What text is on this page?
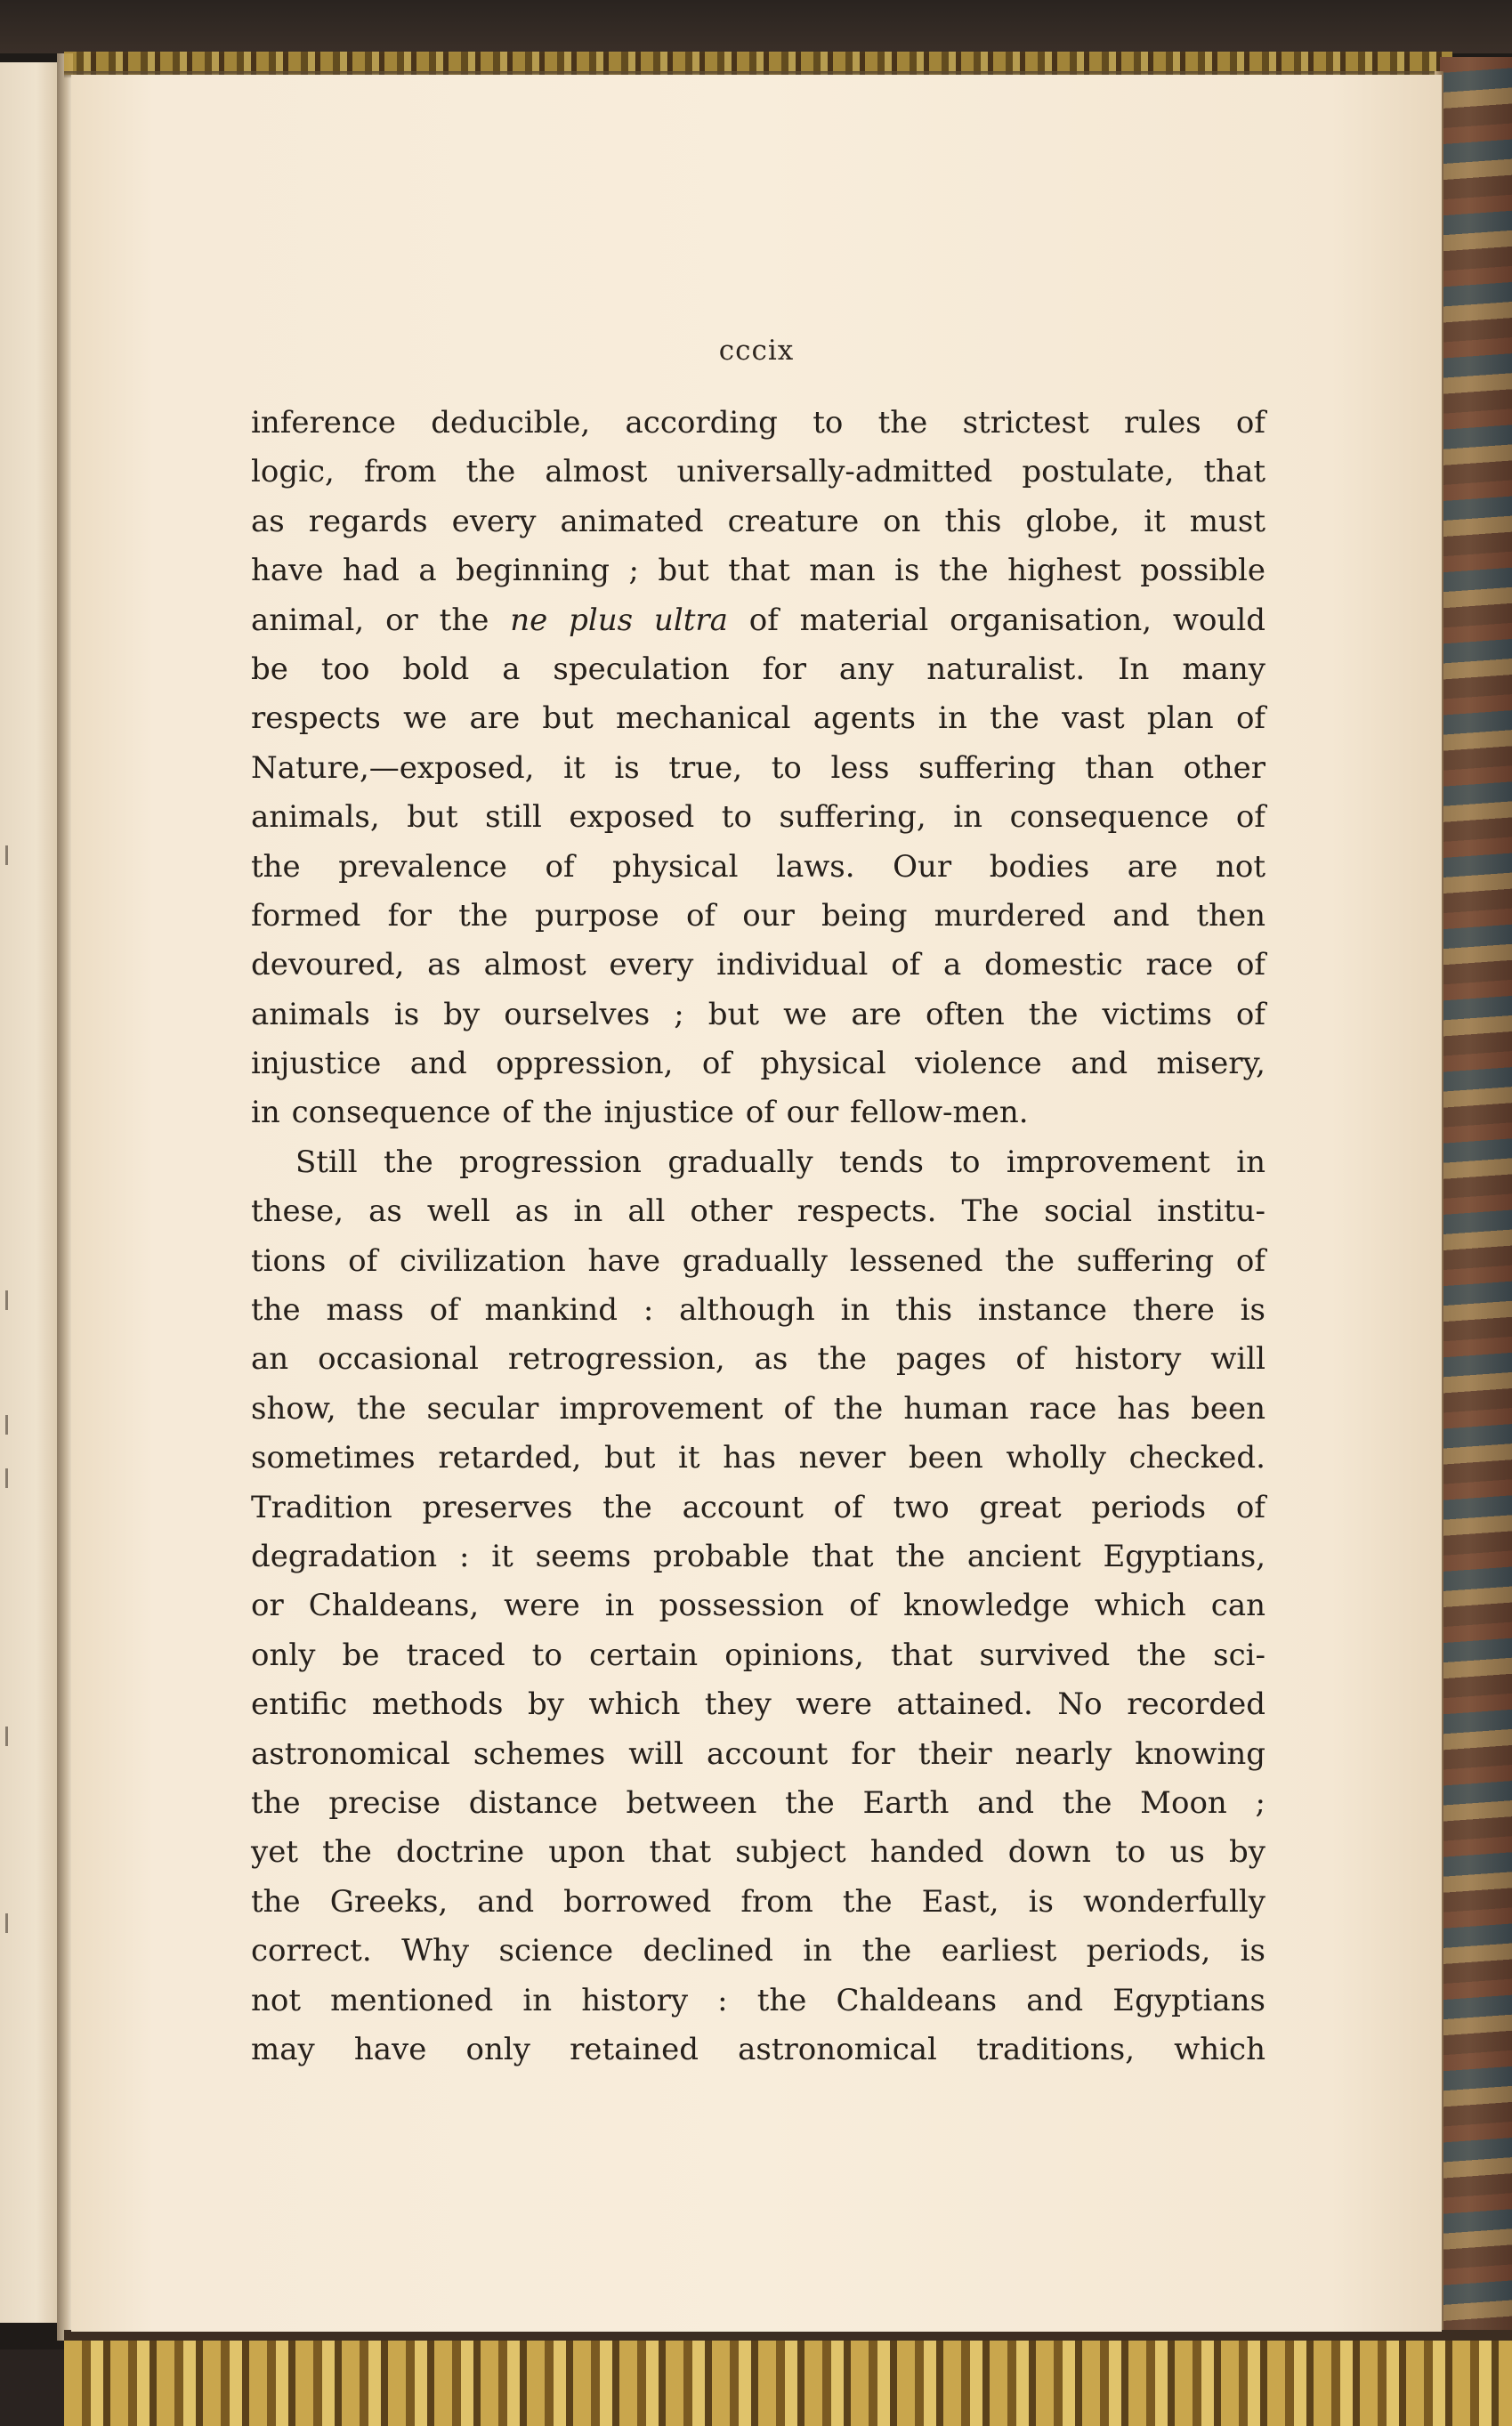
cccix
inference deducible, according to the strictest rules of
logic, from the almost universally-admitted postulate, that
as regards every animated creature on this globe, it must
have had a beginning ; but that man is the highest possible
animal, or the ne plus ultra of material organisation, would
be too bold a speculation for any naturalist. In many
respects we are but mechanical agents in the vast plan of
Nature,—exposed, it is true, to less suffering than other
animals, but still exposed to suffering, in consequence of
the prevalence of physical laws. Our bodies are not
formed for the purpose of our being murdered and then
devoured, as almost every individual of a domestic race of
animals is by ourselves ; but we are often the victims of
injustice and oppression, of physical violence and misery,
in consequence of the injustice of our fellow-men.
Still the progression gradually tends to improvement in
these, as well as in all other respects. The social institu-
tions of civilization have gradually lessened the suffering of
the mass of mankind : although in this instance there is
an occasional retrogression, as the pages of history will
show, the secular improvement of the human race has been
sometimes retarded, but it has never been wholly checked.
Tradition preserves the account of two great periods of
degradation : it seems probable that the ancient Egyptians,
or Chaldeans, were in possession of knowledge which can
only be traced to certain opinions, that survived the sci-
entific methods by which they were attained. No recorded
astronomical schemes will account for their nearly knowing
the precise distance between the Earth and the Moon ;
yet the doctrine upon that subject handed down to us by
the Greeks, and borrowed from the East, is wonderfully
correct. Why science declined in the earliest periods, is
not mentioned in history : the Chaldeans and Egyptians
may have only retained astronomical traditions, which
